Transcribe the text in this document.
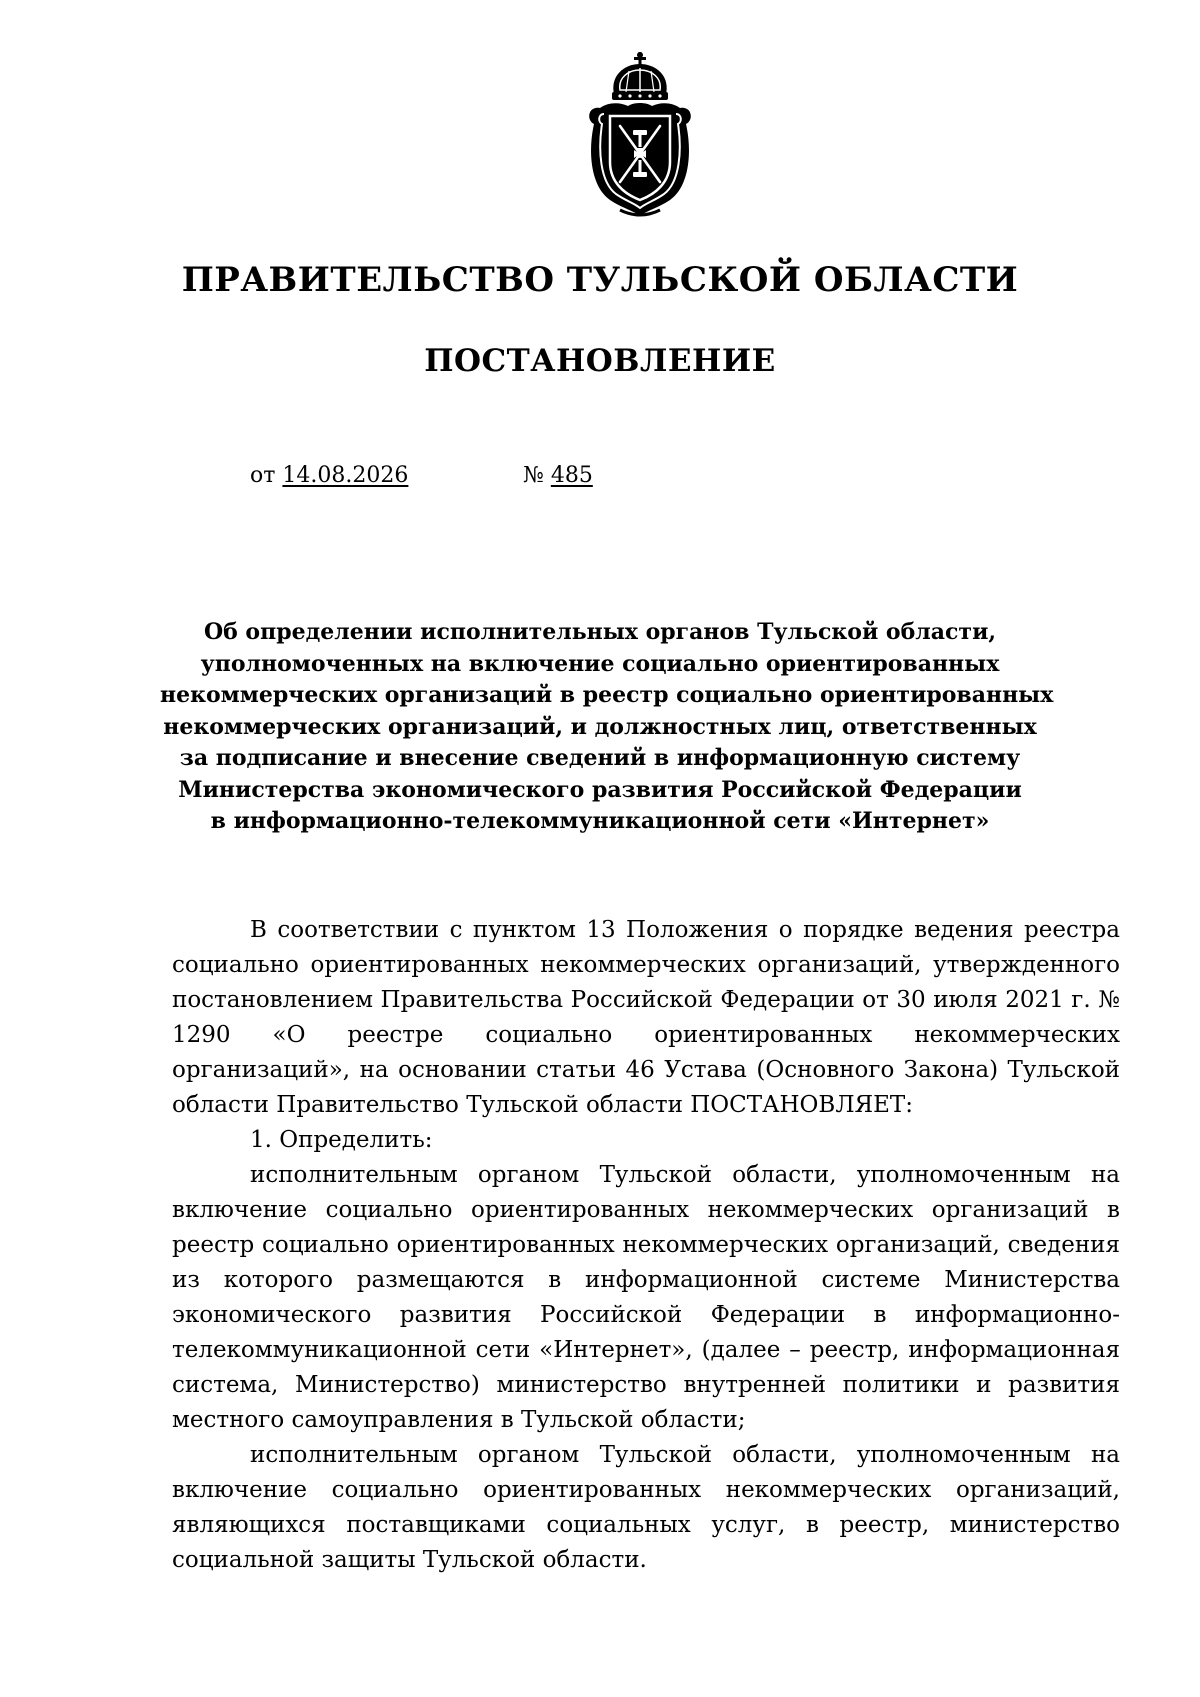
ПРАВИТЕЛЬСТВО ТУЛЬСКОЙ ОБЛАСТИ
ПОСТАНОВЛЕНИЕ
от 14.08.2026	№ 485
Об определении исполнительных органов Тульской области,
уполномоченных на включение социально ориентированных
некоммерческих организаций в реестр социально ориентированных
некоммерческих организаций, и должностных лиц, ответственных
за подписание и внесение сведений в информационную систему
Министерства экономического развития Российской Федерации
в информационно-телекоммуникационной сети «Интернет»

В соответствии с пунктом 13 Положения о порядке ведения реестра социально ориентированных некоммерческих организаций, утвержденного постановлением Правительства Российской Федерации от 30 июля 2021 г. № 1290 «О реестре социально ориентированных некоммерческих организаций», на основании статьи 46 Устава (Основного Закона) Тульской области Правительство Тульской области ПОСТАНОВЛЯЕТ:

1. Определить:

исполнительным органом Тульской области, уполномоченным на включение социально ориентированных некоммерческих организаций в реестр социально ориентированных некоммерческих организаций, сведения из которого размещаются в информационной системе Министерства экономического развития Российской Федерации в информационно-телекоммуникационной сети «Интернет», (далее – реестр, информационная система, Министерство) министерство внутренней политики и развития местного самоуправления в Тульской области;

исполнительным органом Тульской области, уполномоченным на включение социально ориентированных некоммерческих организаций, являющихся поставщиками социальных услуг, в реестр, министерство социальной защиты Тульской области.
